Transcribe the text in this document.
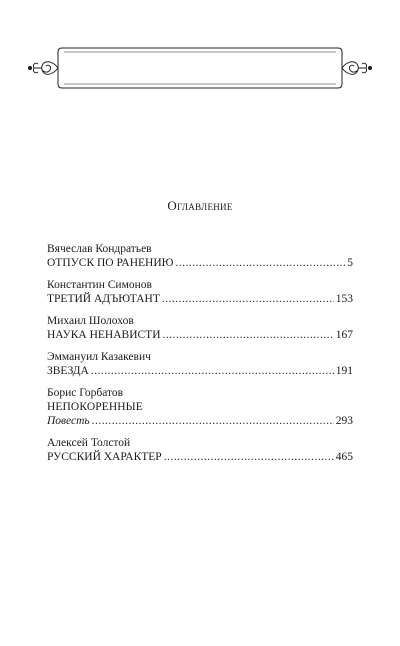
Оглавление
Вячеслав Кондратьев
ОТПУСК ПО РАНЕНИЮ . . .	5
Константин Симонов
ТРЕТИЙ АДЪЮТАНТ . . .	153
Михаил Шолохов
НАУКА НЕНАВИСТИ . . .	167
Эммануил Казакевич
ЗВЕЗДА . . .	191
Борис Горбатов
НЕПОКОРЕННЫЕ
Повесть . . .	293
Алексей Толстой
РУССКИЙ ХАРАКТЕР . . .	465
